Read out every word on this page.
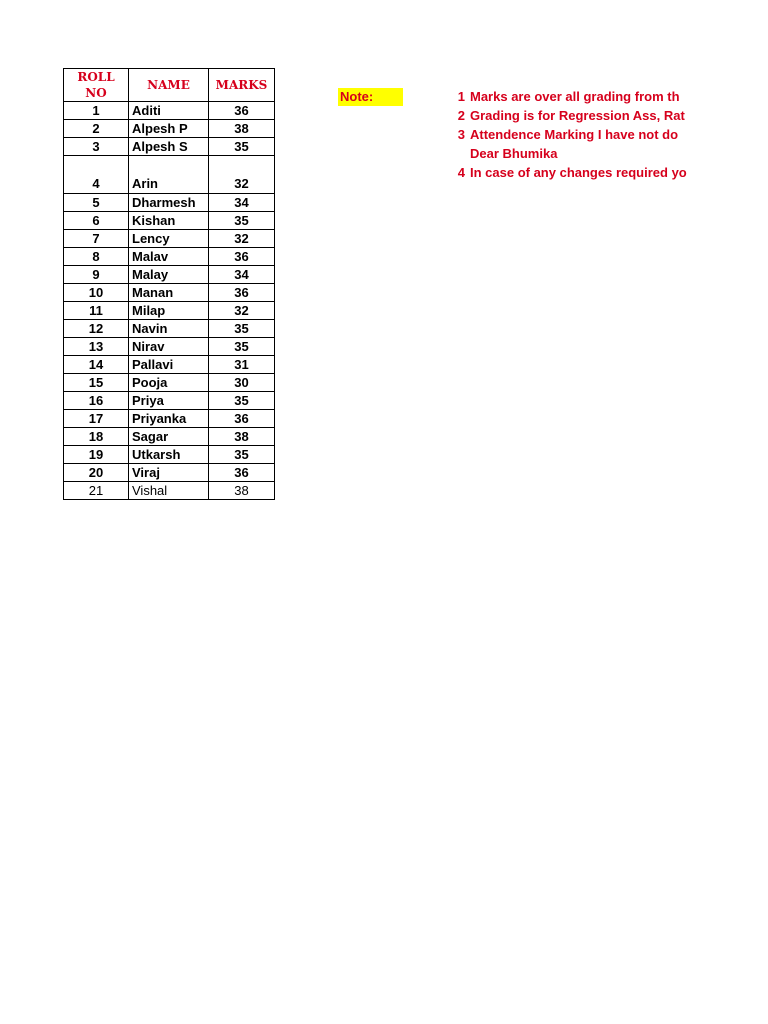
ROLL NO	NAME	MARKS
1	Aditi	36
2	Alpesh P	38
3	Alpesh S	35
4	Arin	32
5	Dharmesh	34
6	Kishan	35
7	Lency	32
8	Malav	36
9	Malay	34
10	Manan	36
11	Milap	32
12	Navin	35
13	Nirav	35
14	Pallavi	31
15	Pooja	30
16	Priya	35
17	Priyanka	36
18	Sagar	38
19	Utkarsh	35
20	Viraj	36
21	Vishal	38
Note:	1 Marks are over all grading from th
2 Grading is for Regression Ass, Rat
3 Attendence Marking I have not do
Dear Bhumika
4 In case of any changes required yo
